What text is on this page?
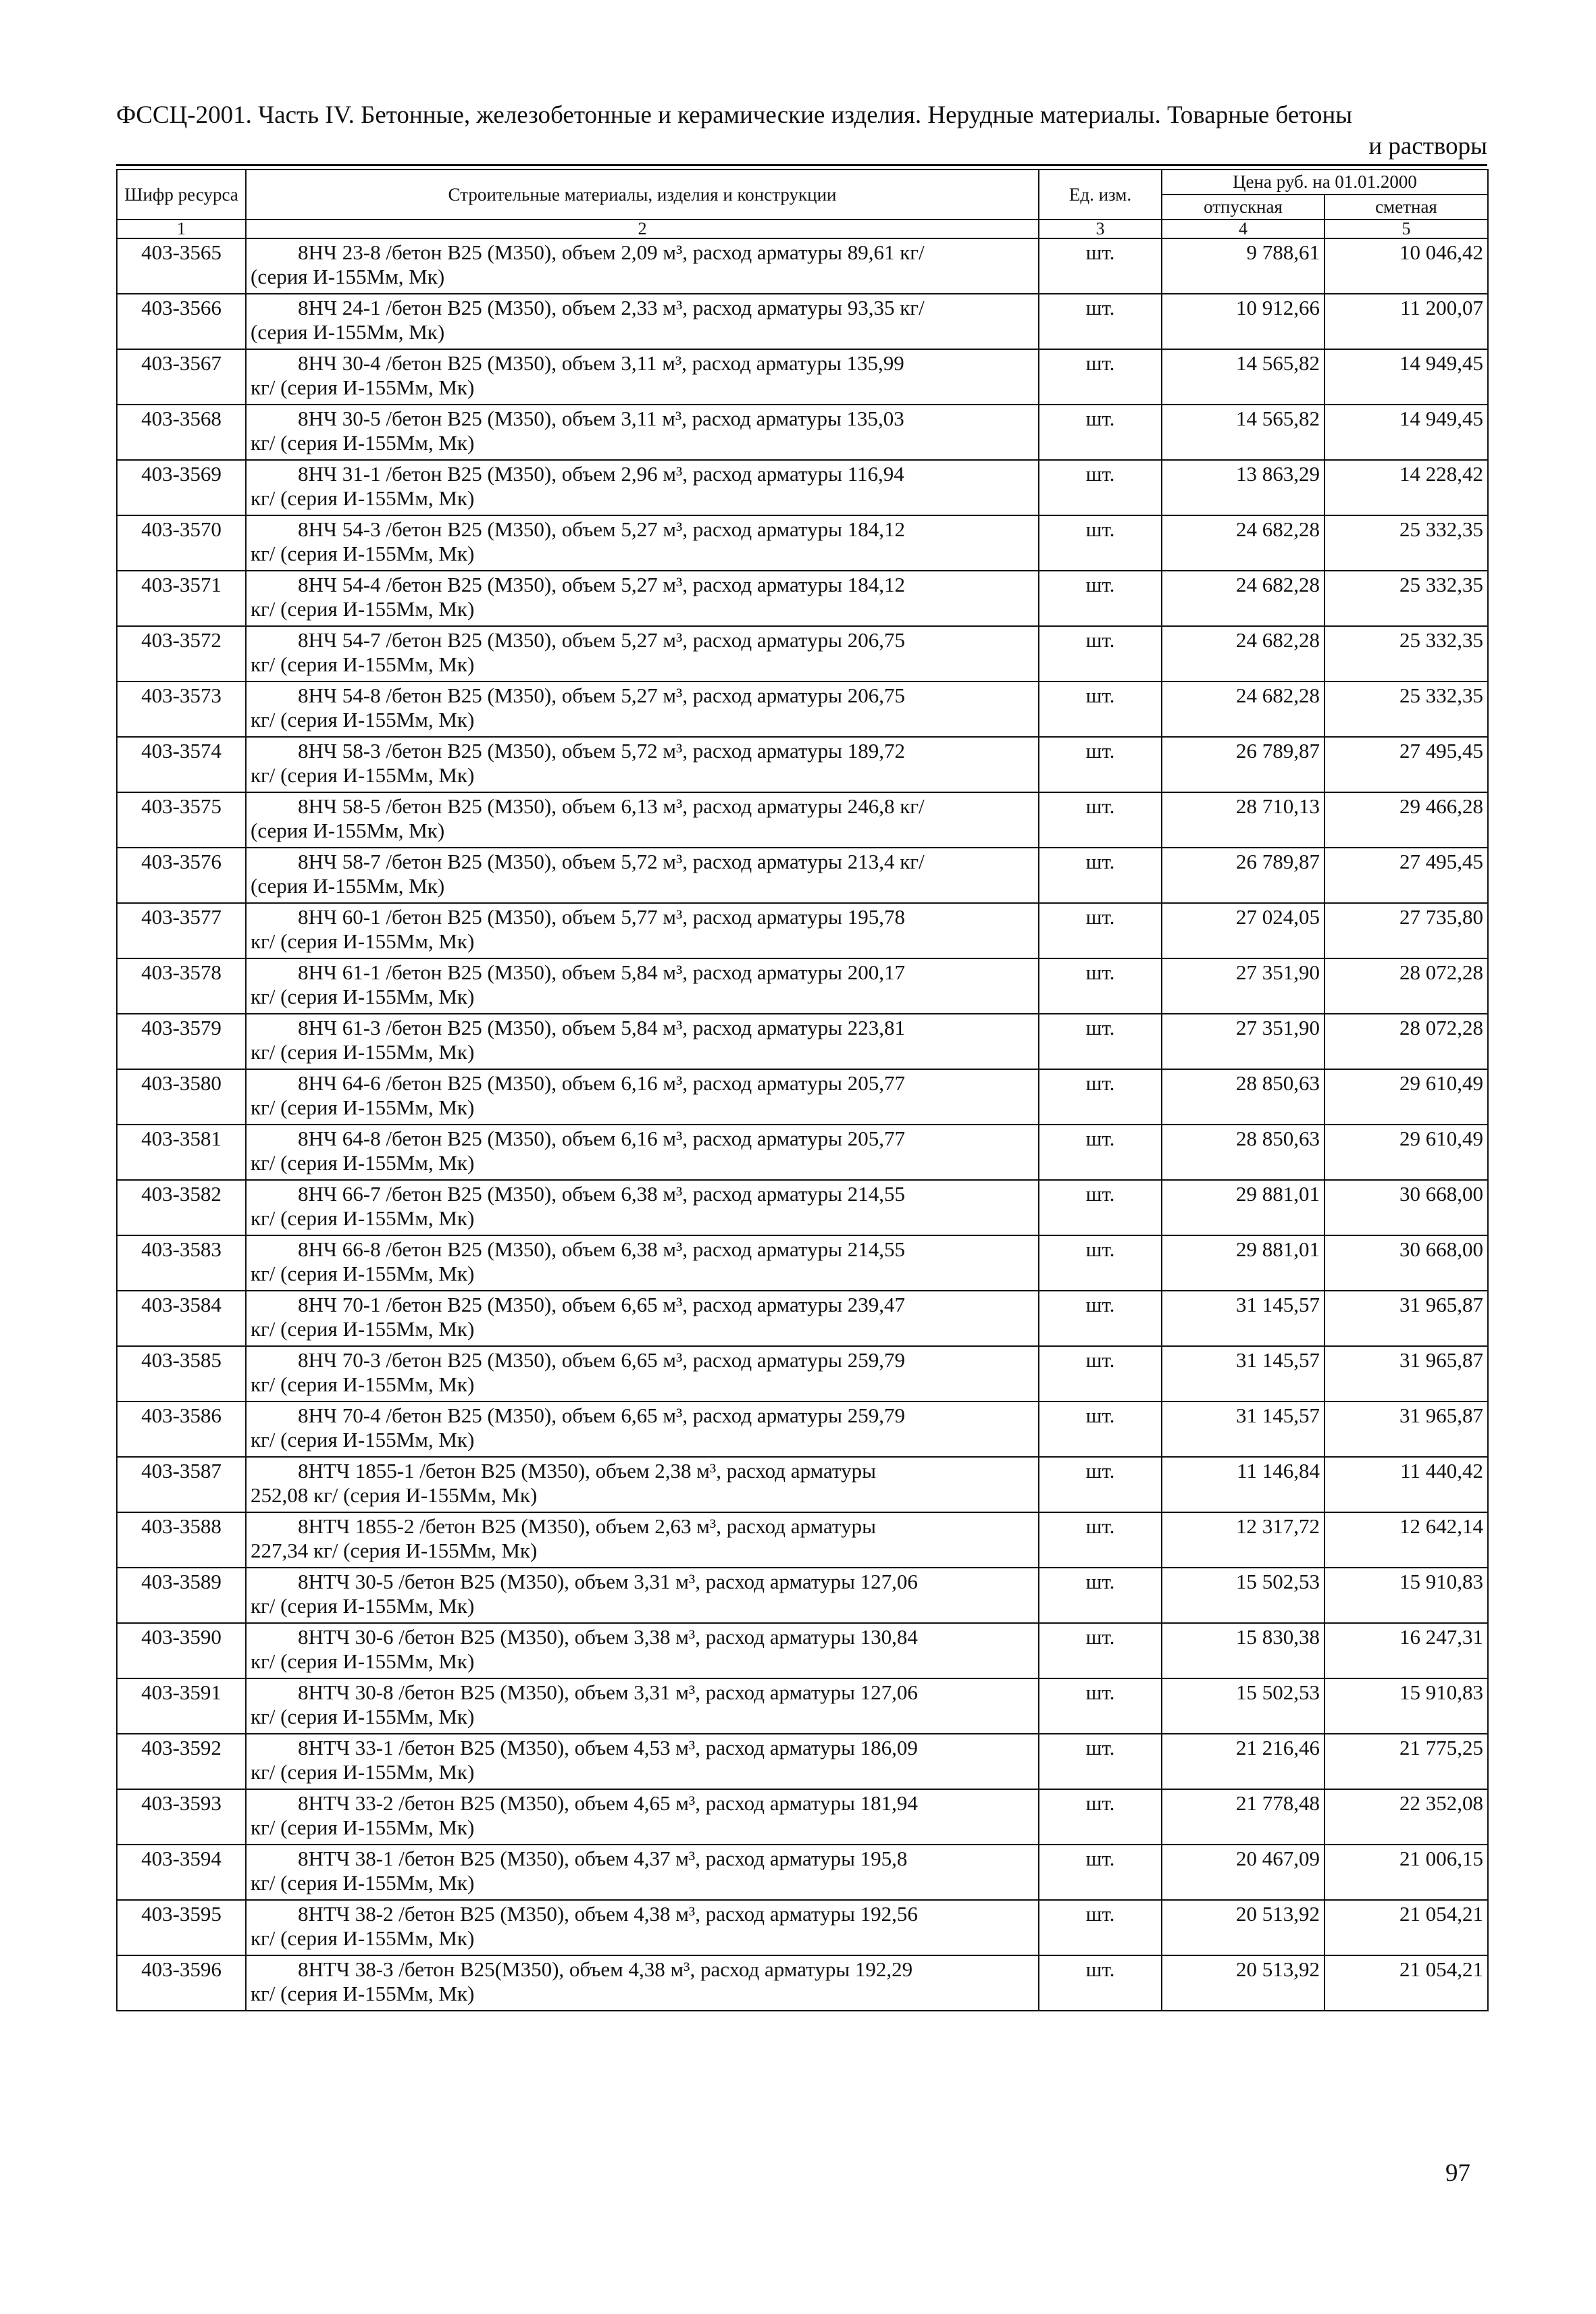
ФССЦ-2001. Часть IV. Бетонные, железобетонные и керамические изделия. Нерудные материалы. Товарные бетоны
и растворы
Шифр ресурса	Строительные материалы, изделия и конструкции	Ед. изм.	Цена руб. на 01.01.2000	
			отпускная	сметная
1	2	3	4	5
403-3565	8НЧ 23-8 /бетон В25 (М350), объем 2,09 м³, расход арматуры 89,61 кг/
(серия И-155Мм, Мк)	шт.	9 788,61	10 046,42
403-3566	8НЧ 24-1 /бетон В25 (М350), объем 2,33 м³, расход арматуры 93,35 кг/
(серия И-155Мм, Мк)	шт.	10 912,66	11 200,07
403-3567	8НЧ 30-4 /бетон В25 (М350), объем 3,11 м³, расход арматуры 135,99
кг/ (серия И-155Мм, Мк)	шт.	14 565,82	14 949,45
403-3568	8НЧ 30-5 /бетон В25 (М350), объем 3,11 м³, расход арматуры 135,03
кг/ (серия И-155Мм, Мк)	шт.	14 565,82	14 949,45
403-3569	8НЧ 31-1 /бетон В25 (М350), объем 2,96 м³, расход арматуры 116,94
кг/ (серия И-155Мм, Мк)	шт.	13 863,29	14 228,42
403-3570	8НЧ 54-3 /бетон В25 (М350), объем 5,27 м³, расход арматуры 184,12
кг/ (серия И-155Мм, Мк)	шт.	24 682,28	25 332,35
403-3571	8НЧ 54-4 /бетон В25 (М350), объем 5,27 м³, расход арматуры 184,12
кг/ (серия И-155Мм, Мк)	шт.	24 682,28	25 332,35
403-3572	8НЧ 54-7 /бетон В25 (М350), объем 5,27 м³, расход арматуры 206,75
кг/ (серия И-155Мм, Мк)	шт.	24 682,28	25 332,35
403-3573	8НЧ 54-8 /бетон В25 (М350), объем 5,27 м³, расход арматуры 206,75
кг/ (серия И-155Мм, Мк)	шт.	24 682,28	25 332,35
403-3574	8НЧ 58-3 /бетон В25 (М350), объем 5,72 м³, расход арматуры 189,72
кг/ (серия И-155Мм, Мк)	шт.	26 789,87	27 495,45
403-3575	8НЧ 58-5 /бетон В25 (М350), объем 6,13 м³, расход арматуры 246,8 кг/
(серия И-155Мм, Мк)	шт.	28 710,13	29 466,28
403-3576	8НЧ 58-7 /бетон В25 (М350), объем 5,72 м³, расход арматуры 213,4 кг/
(серия И-155Мм, Мк)	шт.	26 789,87	27 495,45
403-3577	8НЧ 60-1 /бетон В25 (М350), объем 5,77 м³, расход арматуры 195,78
кг/ (серия И-155Мм, Мк)	шт.	27 024,05	27 735,80
403-3578	8НЧ 61-1 /бетон В25 (М350), объем 5,84 м³, расход арматуры 200,17
кг/ (серия И-155Мм, Мк)	шт.	27 351,90	28 072,28
403-3579	8НЧ 61-3 /бетон В25 (М350), объем 5,84 м³, расход арматуры 223,81
кг/ (серия И-155Мм, Мк)	шт.	27 351,90	28 072,28
403-3580	8НЧ 64-6 /бетон В25 (М350), объем 6,16 м³, расход арматуры 205,77
кг/ (серия И-155Мм, Мк)	шт.	28 850,63	29 610,49
403-3581	8НЧ 64-8 /бетон В25 (М350), объем 6,16 м³, расход арматуры 205,77
кг/ (серия И-155Мм, Мк)	шт.	28 850,63	29 610,49
403-3582	8НЧ 66-7 /бетон В25 (М350), объем 6,38 м³, расход арматуры 214,55
кг/ (серия И-155Мм, Мк)	шт.	29 881,01	30 668,00
403-3583	8НЧ 66-8 /бетон В25 (М350), объем 6,38 м³, расход арматуры 214,55
кг/ (серия И-155Мм, Мк)	шт.	29 881,01	30 668,00
403-3584	8НЧ 70-1 /бетон В25 (М350), объем 6,65 м³, расход арматуры 239,47
кг/ (серия И-155Мм, Мк)	шт.	31 145,57	31 965,87
403-3585	8НЧ 70-3 /бетон В25 (М350), объем 6,65 м³, расход арматуры 259,79
кг/ (серия И-155Мм, Мк)	шт.	31 145,57	31 965,87
403-3586	8НЧ 70-4 /бетон В25 (М350), объем 6,65 м³, расход арматуры 259,79
кг/ (серия И-155Мм, Мк)	шт.	31 145,57	31 965,87
403-3587	8НТЧ 1855-1 /бетон В25 (М350), объем 2,38 м³, расход арматуры
252,08 кг/ (серия И-155Мм, Мк)	шт.	11 146,84	11 440,42
403-3588	8НТЧ 1855-2 /бетон В25 (М350), объем 2,63 м³, расход арматуры
227,34 кг/ (серия И-155Мм, Мк)	шт.	12 317,72	12 642,14
403-3589	8НТЧ 30-5 /бетон В25 (М350), объем 3,31 м³, расход арматуры 127,06
кг/ (серия И-155Мм, Мк)	шт.	15 502,53	15 910,83
403-3590	8НТЧ 30-6 /бетон В25 (М350), объем 3,38 м³, расход арматуры 130,84
кг/ (серия И-155Мм, Мк)	шт.	15 830,38	16 247,31
403-3591	8НТЧ 30-8 /бетон В25 (М350), объем 3,31 м³, расход арматуры 127,06
кг/ (серия И-155Мм, Мк)	шт.	15 502,53	15 910,83
403-3592	8НТЧ 33-1 /бетон В25 (М350), объем 4,53 м³, расход арматуры 186,09
кг/ (серия И-155Мм, Мк)	шт.	21 216,46	21 775,25
403-3593	8НТЧ 33-2 /бетон В25 (М350), объем 4,65 м³, расход арматуры 181,94
кг/ (серия И-155Мм, Мк)	шт.	21 778,48	22 352,08
403-3594	8НТЧ 38-1 /бетон В25 (М350), объем 4,37 м³, расход арматуры 195,8
кг/ (серия И-155Мм, Мк)	шт.	20 467,09	21 006,15
403-3595	8НТЧ 38-2 /бетон В25 (М350), объем 4,38 м³, расход арматуры 192,56
кг/ (серия И-155Мм, Мк)	шт.	20 513,92	21 054,21
403-3596	8НТЧ 38-3 /бетон В25(М350), объем 4,38 м³, расход арматуры 192,29
кг/ (серия И-155Мм, Мк)	шт.	20 513,92	21 054,21
97
